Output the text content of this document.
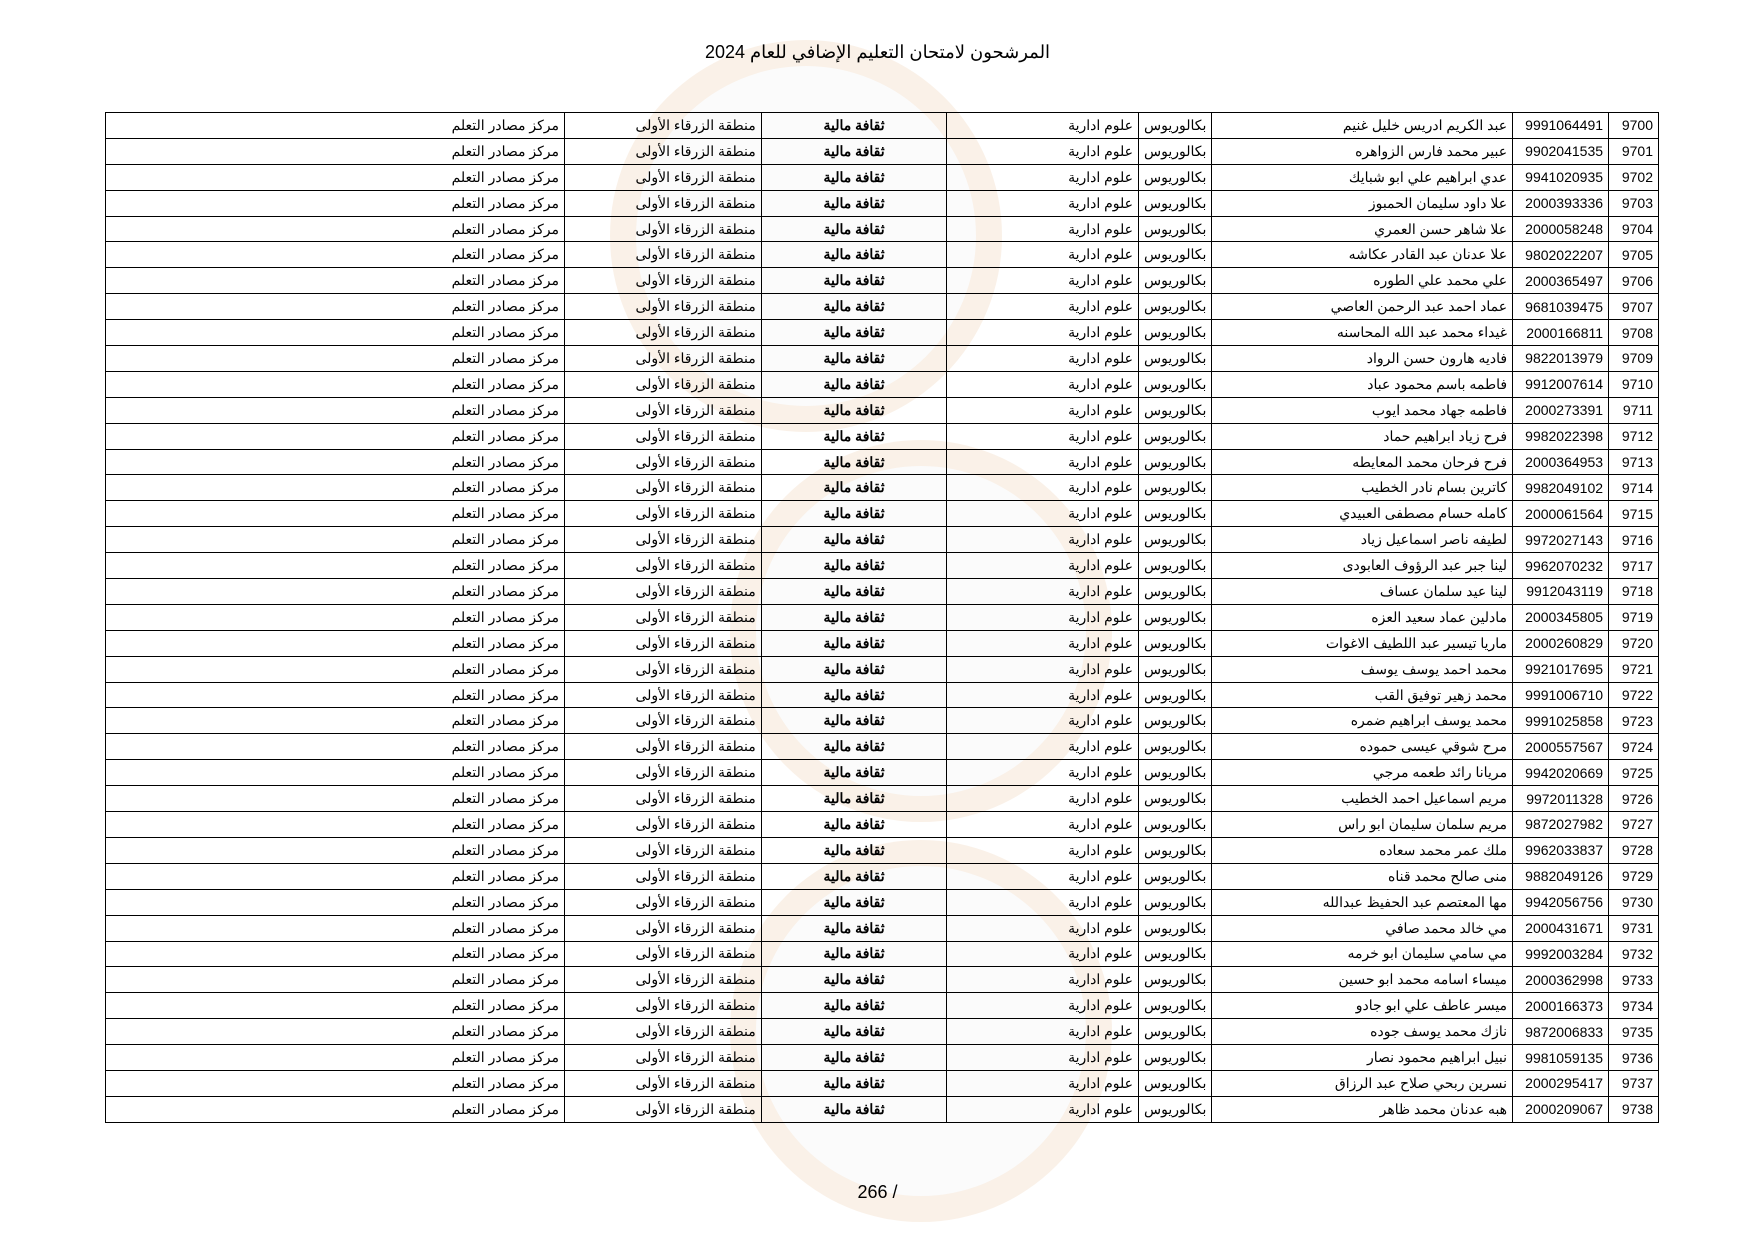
المرشحون لامتحان التعليم الإضافي للعام 2024
9700	9991064491	عبد الكريم ادريس خليل غنيم	بكالوريوس	علوم ادارية	ثقافة مالية	منطقة الزرقاء الأولى	مركز مصادر التعلم
9701	9902041535	عبير محمد فارس الزواهره	بكالوريوس	علوم ادارية	ثقافة مالية	منطقة الزرقاء الأولى	مركز مصادر التعلم
9702	9941020935	عدي ابراهيم علي ابو شبايك	بكالوريوس	علوم ادارية	ثقافة مالية	منطقة الزرقاء الأولى	مركز مصادر التعلم
9703	2000393336	علا داود سليمان الحمبوز	بكالوريوس	علوم ادارية	ثقافة مالية	منطقة الزرقاء الأولى	مركز مصادر التعلم
9704	2000058248	علا شاهر حسن العمري	بكالوريوس	علوم ادارية	ثقافة مالية	منطقة الزرقاء الأولى	مركز مصادر التعلم
9705	9802022207	علا عدنان عبد القادر عكاشه	بكالوريوس	علوم ادارية	ثقافة مالية	منطقة الزرقاء الأولى	مركز مصادر التعلم
9706	2000365497	علي محمد علي الطوره	بكالوريوس	علوم ادارية	ثقافة مالية	منطقة الزرقاء الأولى	مركز مصادر التعلم
9707	9681039475	عماد احمد عبد الرحمن العاصي	بكالوريوس	علوم ادارية	ثقافة مالية	منطقة الزرقاء الأولى	مركز مصادر التعلم
9708	2000166811	غيداء محمد عبد الله المحاسنه	بكالوريوس	علوم ادارية	ثقافة مالية	منطقة الزرقاء الأولى	مركز مصادر التعلم
9709	9822013979	فاديه هارون حسن الرواد	بكالوريوس	علوم ادارية	ثقافة مالية	منطقة الزرقاء الأولى	مركز مصادر التعلم
9710	9912007614	فاطمه باسم محمود عباد	بكالوريوس	علوم ادارية	ثقافة مالية	منطقة الزرقاء الأولى	مركز مصادر التعلم
9711	2000273391	فاطمه جهاد محمد ايوب	بكالوريوس	علوم ادارية	ثقافة مالية	منطقة الزرقاء الأولى	مركز مصادر التعلم
9712	9982022398	فرح زياد ابراهيم حماد	بكالوريوس	علوم ادارية	ثقافة مالية	منطقة الزرقاء الأولى	مركز مصادر التعلم
9713	2000364953	فرح فرحان محمد المعايطه	بكالوريوس	علوم ادارية	ثقافة مالية	منطقة الزرقاء الأولى	مركز مصادر التعلم
9714	9982049102	كاترين بسام نادر الخطيب	بكالوريوس	علوم ادارية	ثقافة مالية	منطقة الزرقاء الأولى	مركز مصادر التعلم
9715	2000061564	كامله حسام مصطفى العبيدي	بكالوريوس	علوم ادارية	ثقافة مالية	منطقة الزرقاء الأولى	مركز مصادر التعلم
9716	9972027143	لطيفه ناصر اسماعيل زياد	بكالوريوس	علوم ادارية	ثقافة مالية	منطقة الزرقاء الأولى	مركز مصادر التعلم
9717	9962070232	لينا جبر عبد الرؤوف العابودى	بكالوريوس	علوم ادارية	ثقافة مالية	منطقة الزرقاء الأولى	مركز مصادر التعلم
9718	9912043119	لينا عيد سلمان عساف	بكالوريوس	علوم ادارية	ثقافة مالية	منطقة الزرقاء الأولى	مركز مصادر التعلم
9719	2000345805	مادلين عماد سعيد العزه	بكالوريوس	علوم ادارية	ثقافة مالية	منطقة الزرقاء الأولى	مركز مصادر التعلم
9720	2000260829	ماريا تيسير عبد اللطيف الاغوات	بكالوريوس	علوم ادارية	ثقافة مالية	منطقة الزرقاء الأولى	مركز مصادر التعلم
9721	9921017695	محمد احمد يوسف يوسف	بكالوريوس	علوم ادارية	ثقافة مالية	منطقة الزرقاء الأولى	مركز مصادر التعلم
9722	9991006710	محمد زهير توفيق القب	بكالوريوس	علوم ادارية	ثقافة مالية	منطقة الزرقاء الأولى	مركز مصادر التعلم
9723	9991025858	محمد يوسف ابراهيم ضمره	بكالوريوس	علوم ادارية	ثقافة مالية	منطقة الزرقاء الأولى	مركز مصادر التعلم
9724	2000557567	مرح شوقي عيسى حموده	بكالوريوس	علوم ادارية	ثقافة مالية	منطقة الزرقاء الأولى	مركز مصادر التعلم
9725	9942020669	مريانا رائد طعمه مرجي	بكالوريوس	علوم ادارية	ثقافة مالية	منطقة الزرقاء الأولى	مركز مصادر التعلم
9726	9972011328	مريم اسماعيل احمد الخطيب	بكالوريوس	علوم ادارية	ثقافة مالية	منطقة الزرقاء الأولى	مركز مصادر التعلم
9727	9872027982	مريم سلمان سليمان ابو راس	بكالوريوس	علوم ادارية	ثقافة مالية	منطقة الزرقاء الأولى	مركز مصادر التعلم
9728	9962033837	ملك عمر محمد سعاده	بكالوريوس	علوم ادارية	ثقافة مالية	منطقة الزرقاء الأولى	مركز مصادر التعلم
9729	9882049126	منى صالح محمد قناه	بكالوريوس	علوم ادارية	ثقافة مالية	منطقة الزرقاء الأولى	مركز مصادر التعلم
9730	9942056756	مها المعتصم عبد الحفيظ عبدالله	بكالوريوس	علوم ادارية	ثقافة مالية	منطقة الزرقاء الأولى	مركز مصادر التعلم
9731	2000431671	مي خالد محمد صافي	بكالوريوس	علوم ادارية	ثقافة مالية	منطقة الزرقاء الأولى	مركز مصادر التعلم
9732	9992003284	مي سامي سليمان ابو خرمه	بكالوريوس	علوم ادارية	ثقافة مالية	منطقة الزرقاء الأولى	مركز مصادر التعلم
9733	2000362998	ميساء اسامه محمد ابو حسين	بكالوريوس	علوم ادارية	ثقافة مالية	منطقة الزرقاء الأولى	مركز مصادر التعلم
9734	2000166373	ميسر عاطف علي ابو جادو	بكالوريوس	علوم ادارية	ثقافة مالية	منطقة الزرقاء الأولى	مركز مصادر التعلم
9735	9872006833	نازك محمد يوسف جوده	بكالوريوس	علوم ادارية	ثقافة مالية	منطقة الزرقاء الأولى	مركز مصادر التعلم
9736	9981059135	نبيل ابراهيم محمود نصار	بكالوريوس	علوم ادارية	ثقافة مالية	منطقة الزرقاء الأولى	مركز مصادر التعلم
9737	2000295417	نسرين ربحي صلاح عبد الرزاق	بكالوريوس	علوم ادارية	ثقافة مالية	منطقة الزرقاء الأولى	مركز مصادر التعلم
9738	2000209067	هبه عدنان محمد ظاهر	بكالوريوس	علوم ادارية	ثقافة مالية	منطقة الزرقاء الأولى	مركز مصادر التعلم
266 /
